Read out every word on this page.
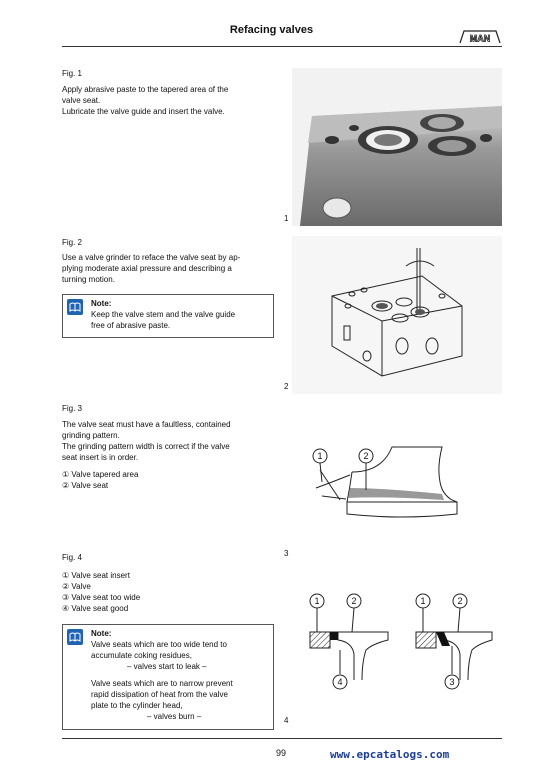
Refacing valves
MAN
Fig. 1
Apply abrasive paste to the tapered area of the
valve seat.
Lubricate the valve guide and insert the valve.
1
Fig. 2
Use a valve grinder to reface the valve seat by ap-
plying moderate axial pressure and describing a
turning motion.
Note:
Keep the valve stem and the valve guide
free of abrasive paste.
2
Fig. 3
The valve seat must have a faultless, contained
grinding pattern.
The grinding pattern width is correct if the valve
seat insert is in order.
① Valve tapered area
② Valve seat
1	2
3
Fig. 4
① Valve seat insert
② Valve
③ Valve seat too wide
④ Valve seat good
Note:
Valve seats which are too wide tend to
accumulate coking residues,
– valves start to leak –
Valve seats which are to narrow prevent
rapid dissipation of heat from the valve
plate to the cylinder head,
– valves burn –
1	2
4
1	2
3
4
99	www.epcatalogs.com
